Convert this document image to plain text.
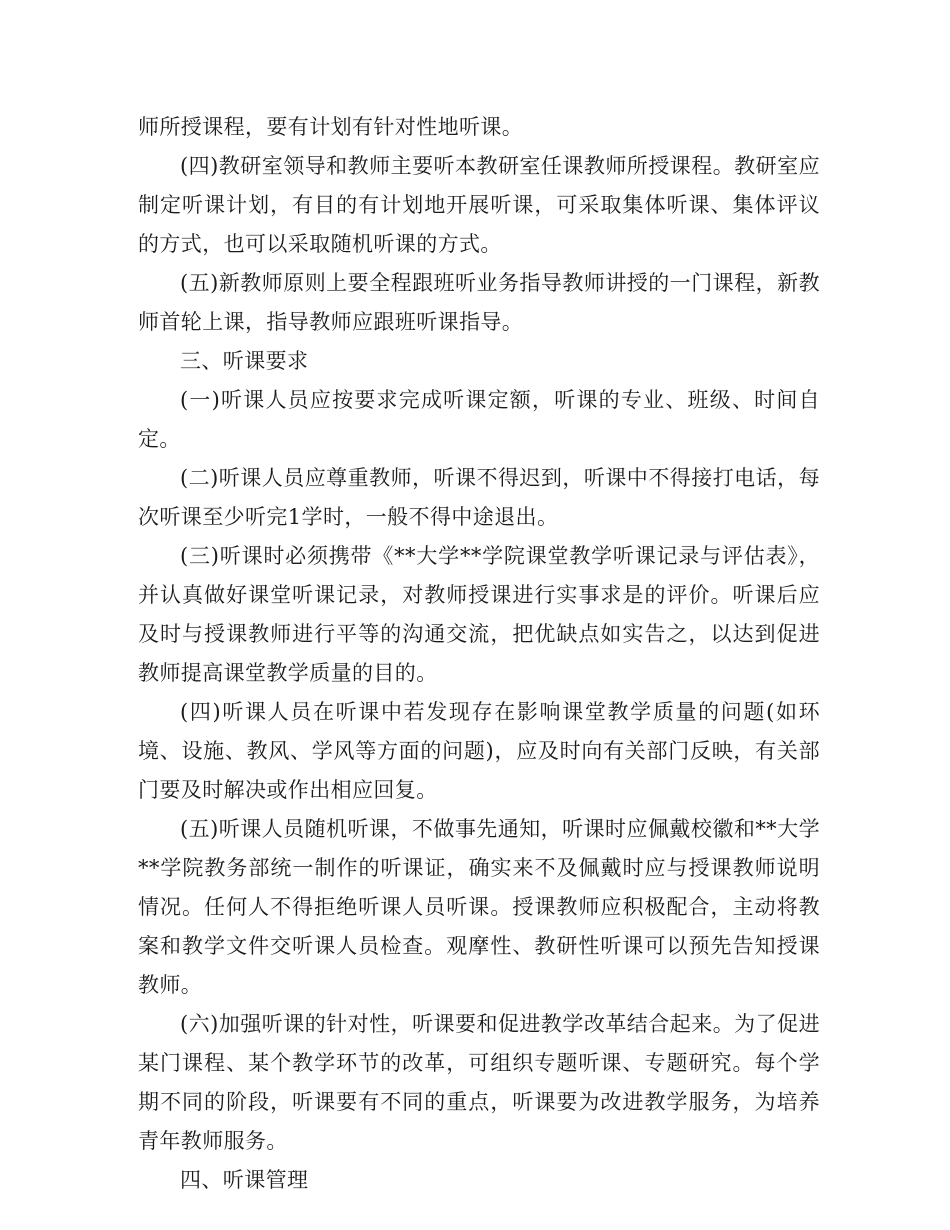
师所授课程，要有计划有针对性地听课。

(四)教研室领导和教师主要听本教研室任课教师所授课程。教研室应制定听课计划，有目的有计划地开展听课，可采取集体听课、集体评议的方式，也可以采取随机听课的方式。

(五)新教师原则上要全程跟班听业务指导教师讲授的一门课程，新教师首轮上课，指导教师应跟班听课指导。

三、听课要求

(一)听课人员应按要求完成听课定额，听课的专业、班级、时间自定。

(二)听课人员应尊重教师，听课不得迟到，听课中不得接打电话，每次听课至少听完1学时，一般不得中途退出。

(三)听课时必须携带《**大学**学院课堂教学听课记录与评估表》，并认真做好课堂听课记录，对教师授课进行实事求是的评价。听课后应及时与授课教师进行平等的沟通交流，把优缺点如实告之，以达到促进教师提高课堂教学质量的目的。

(四)听课人员在听课中若发现存在影响课堂教学质量的问题(如环境、设施、教风、学风等方面的问题)，应及时向有关部门反映，有关部门要及时解决或作出相应回复。

(五)听课人员随机听课，不做事先通知，听课时应佩戴校徽和**大学**学院教务部统一制作的听课证，确实来不及佩戴时应与授课教师说明情况。任何人不得拒绝听课人员听课。授课教师应积极配合，主动将教案和教学文件交听课人员检查。观摩性、教研性听课可以预先告知授课教师。

(六)加强听课的针对性，听课要和促进教学改革结合起来。为了促进某门课程、某个教学环节的改革，可组织专题听课、专题研究。每个学期不同的阶段，听课要有不同的重点，听课要为改进教学服务，为培养青年教师服务。

四、听课管理
